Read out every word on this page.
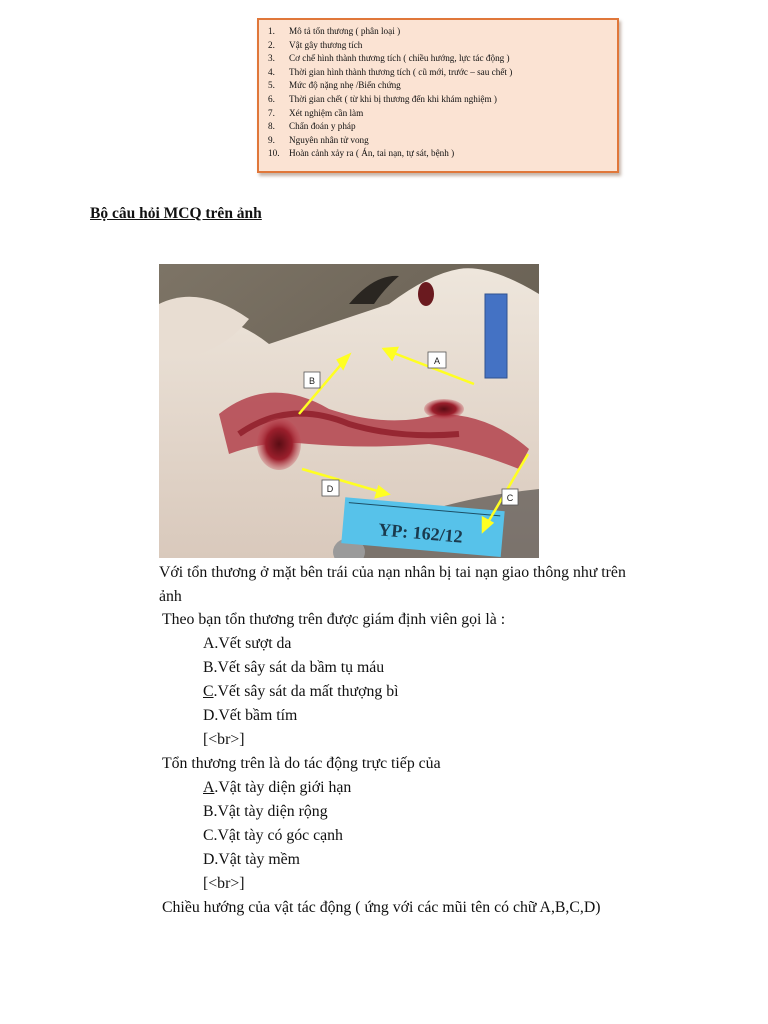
1.	Mô tả tổn thương ( phân loại )
2.	Vật gây thương tích
3.	Cơ chế hình thành thương tích ( chiều hướng, lực tác động )
4.	Thời gian hình thành thương tích ( cũ mới, trước – sau chết )
5.	Mức độ nặng nhẹ /Biến chứng
6.	Thời gian chết ( từ khi bị thương đến khi khám nghiệm )
7.	Xét nghiệm cần làm
8.	Chẩn đoán y pháp
9.	Nguyên nhân tử vong
10.	Hoàn cảnh xảy ra ( Án, tai nạn, tự sát, bệnh )
Bộ câu hỏi MCQ trên ảnh
YP: 162/12
A
B
C
D
Với tổn thương ở mặt bên trái của nạn nhân bị tai nạn giao thông như trên
ảnh
Theo bạn tổn thương trên được giám định viên gọi là :
A.Vết sượt da
B.Vết sây sát da bầm tụ máu
C.Vết sây sát da mất thượng bì
D.Vết bầm tím
[<br>]
Tổn thương trên là do tác động trực tiếp của
A.Vật tày diện giới hạn
B.Vật tày diện rộng
C.Vật tày có góc cạnh
D.Vật tày mềm
[<br>]
Chiều hướng của vật tác động ( ứng với các mũi tên có chữ A,B,C,D)
